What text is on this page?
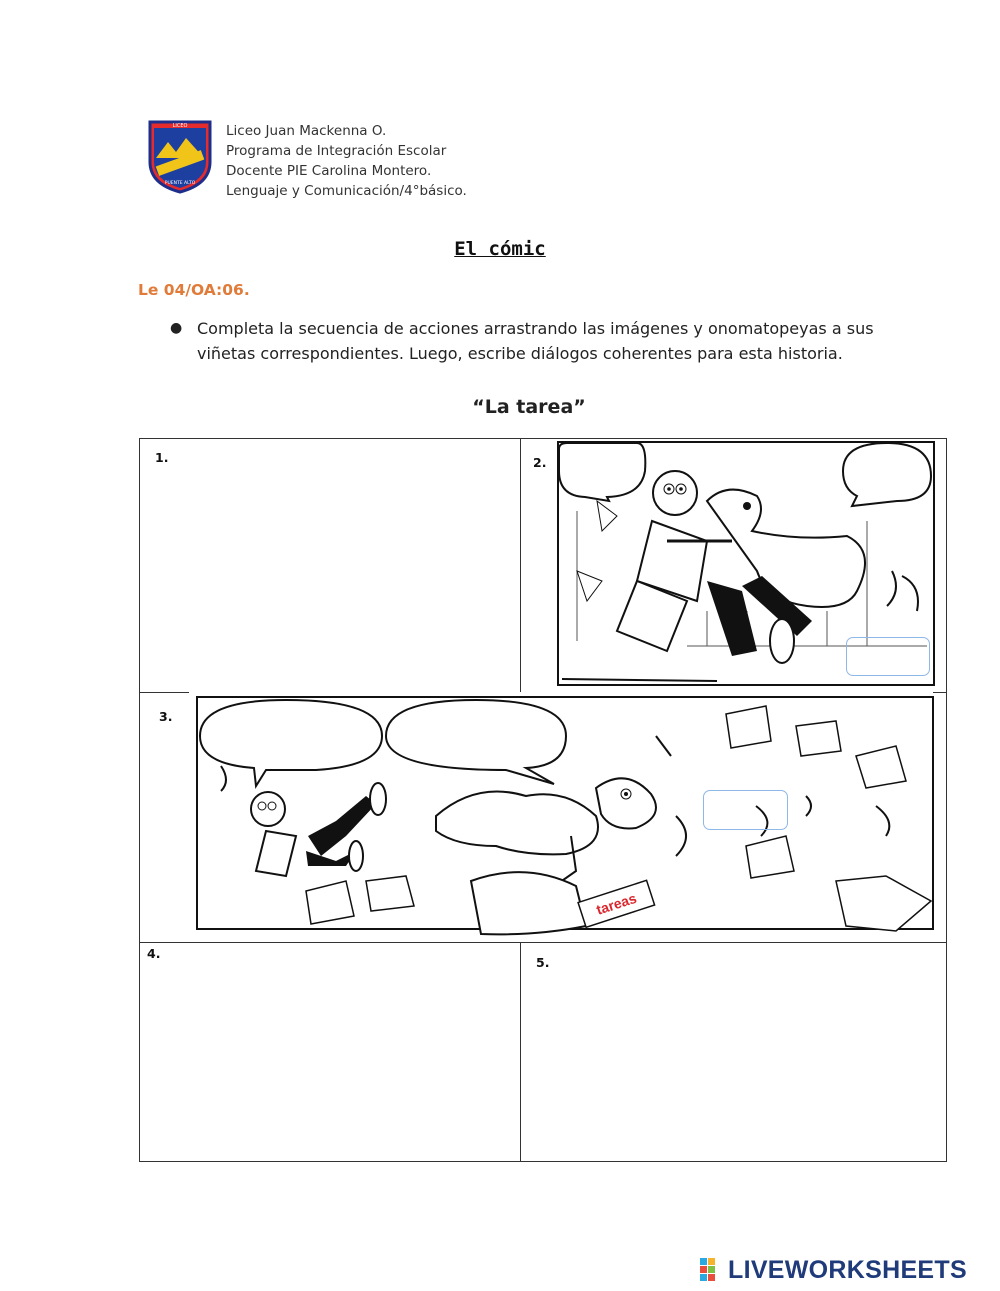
LICEO
PUENTE ALTO
Liceo Juan Mackenna O.
Programa de Integración Escolar
Docente PIE Carolina Montero.
Lenguaje y Comunicación/4°básico.
El cómic
Le 04/OA:06.
● Completa la secuencia de acciones arrastrando las imágenes y onomatopeyas a sus
viñetas correspondientes. Luego, escribe diálogos coherentes para esta historia.
“La tarea”
1.	2.
3.
4.
5.
tareas
LIVEWORKSHEETS
